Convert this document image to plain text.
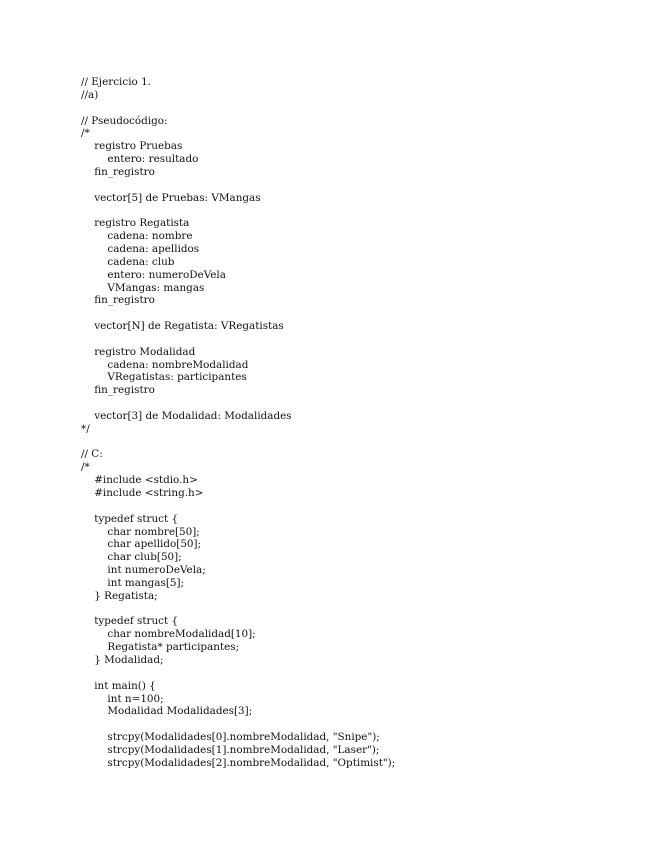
// Ejercicio 1.
//a)
// Pseudocódigo:
/*
registro Pruebas
entero: resultado
fin_registro
vector[5] de Pruebas: VMangas
registro Regatista
cadena: nombre
cadena: apellidos
cadena: club
entero: numeroDeVela
VMangas: mangas
fin_registro
vector[N] de Regatista: VRegatistas
registro Modalidad
cadena: nombreModalidad
VRegatistas: participantes
fin_registro
vector[3] de Modalidad: Modalidades
*/
// C:
/*
#include <stdio.h>
#include <string.h>
typedef struct {
char nombre[50];
char apellido[50];
char club[50];
int numeroDeVela;
int mangas[5];
} Regatista;
typedef struct {
char nombreModalidad[10];
Regatista* participantes;
} Modalidad;
int main() {
int n=100;
Modalidad Modalidades[3];
strcpy(Modalidades[0].nombreModalidad, "Snipe");
strcpy(Modalidades[1].nombreModalidad, "Laser");
strcpy(Modalidades[2].nombreModalidad, "Optimist");
